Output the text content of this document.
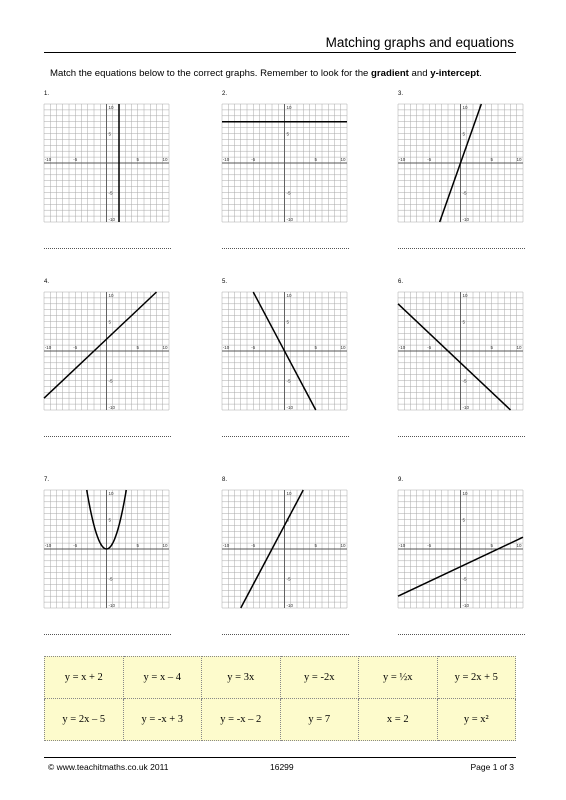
Matching graphs and equations
Match the equations below to the correct graphs. Remember to look for the gradient and y-intercept.
1.
-10	-5	5	10
10
5
-5
-10
2.
-10	-5	5	10
10
5
-5
-10
3.
-10	-5	5	10
10
5
-5
-10
4.
-10	-5	5	10
10
5
-5
-10
5.
-10	-5	5	10
10
5
-5
-10
6.
-10	-5	5	10
10
5
-5
-10
7.
-10	-5	5	10
10
5
-5
-10
8.
-10	-5	5	10
10
-5
-10
9.
-10	-5	5	10
10
5
-5
-10
y = x + 2	y = x – 4	y = 3x	y = -2x	y = ½x	y = 2x + 5
y = 2x – 5	y = -x + 3	y = -x – 2	y = 7	x = 2	y = x²
© www.teachitmaths.co.uk 2011	16299	Page 1 of 3
